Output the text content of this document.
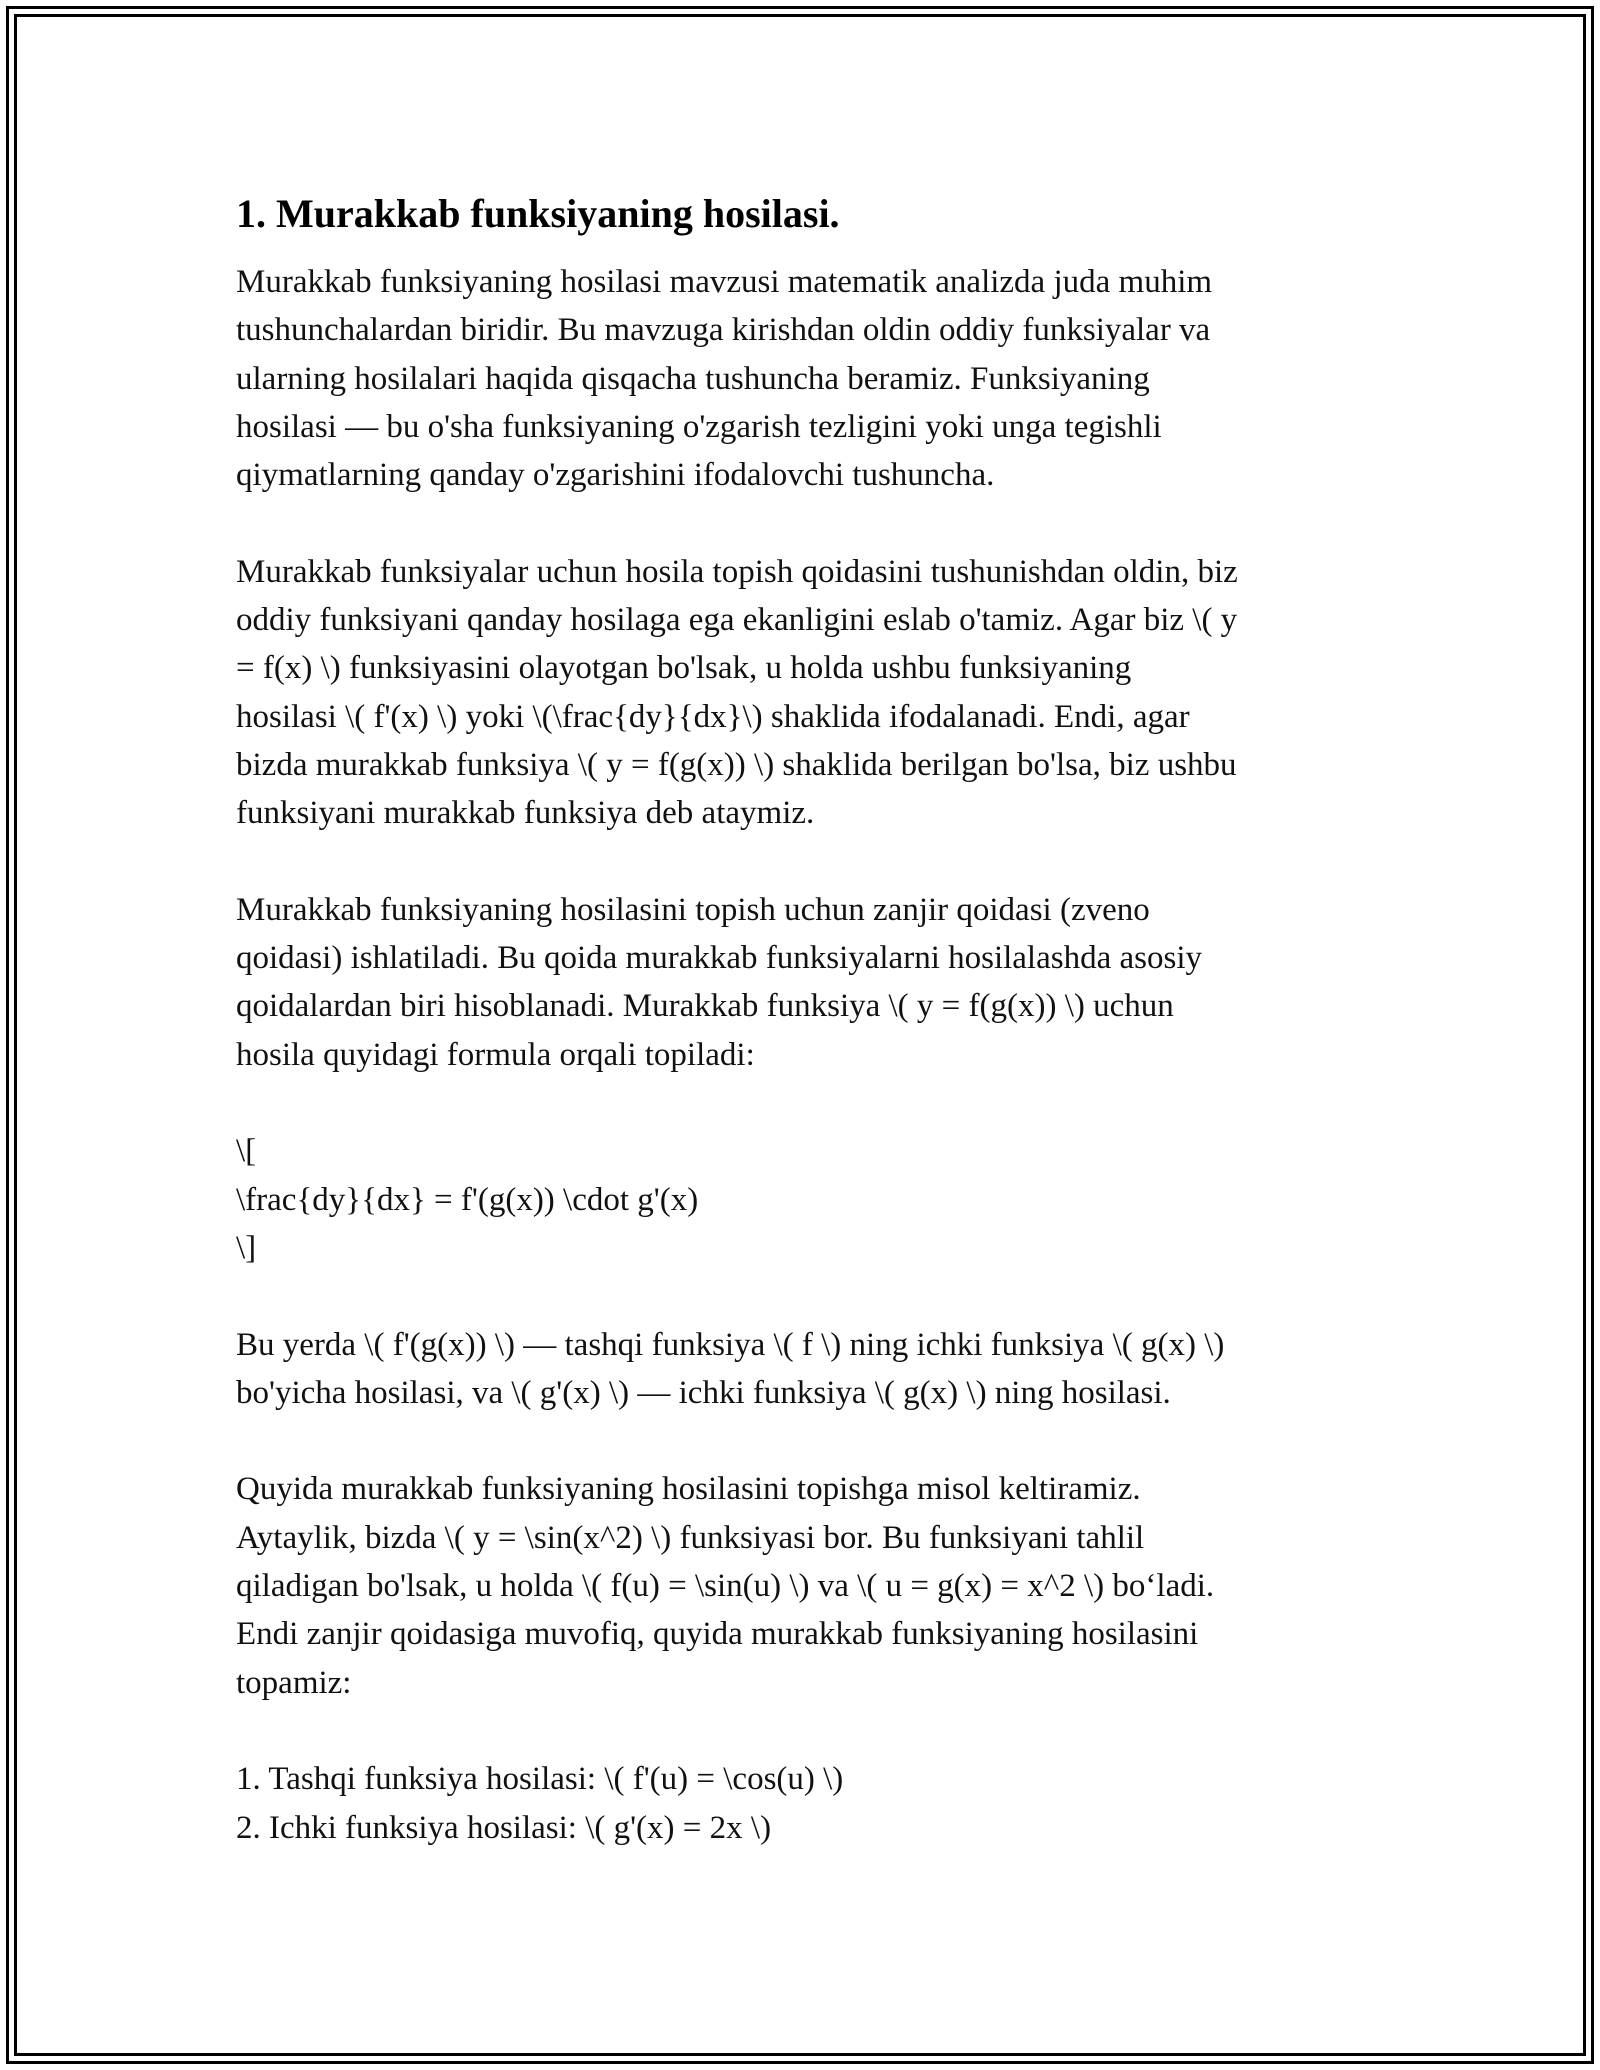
1. Murakkab funksiyaning hosilasi.
Murakkab funksiyaning hosilasi mavzusi matematik analizda juda muhim
tushunchalardan biridir. Bu mavzuga kirishdan oldin oddiy funksiyalar va
ularning hosilalari haqida qisqacha tushuncha beramiz. Funksiyaning
hosilasi — bu o'sha funksiyaning o'zgarish tezligini yoki unga tegishli
qiymatlarning qanday o'zgarishini ifodalovchi tushuncha.
Murakkab funksiyalar uchun hosila topish qoidasini tushunishdan oldin, biz
oddiy funksiyani qanday hosilaga ega ekanligini eslab o'tamiz. Agar biz \( y
= f(x) \) funksiyasini olayotgan bo'lsak, u holda ushbu funksiyaning
hosilasi \( f'(x) \) yoki \(\frac{dy}{dx}\) shaklida ifodalanadi. Endi, agar
bizda murakkab funksiya \( y = f(g(x)) \) shaklida berilgan bo'lsa, biz ushbu
funksiyani murakkab funksiya deb ataymiz.
Murakkab funksiyaning hosilasini topish uchun zanjir qoidasi (zveno
qoidasi) ishlatiladi. Bu qoida murakkab funksiyalarni hosilalashda asosiy
qoidalardan biri hisoblanadi. Murakkab funksiya \( y = f(g(x)) \) uchun
hosila quyidagi formula orqali topiladi:
\[
\frac{dy}{dx} = f'(g(x)) \cdot g'(x)
\]
Bu yerda \( f'(g(x)) \) — tashqi funksiya \( f \) ning ichki funksiya \( g(x) \)
bo'yicha hosilasi, va \( g'(x) \) — ichki funksiya \( g(x) \) ning hosilasi.
Quyida murakkab funksiyaning hosilasini topishga misol keltiramiz.
Aytaylik, bizda \( y = \sin(x^2) \) funksiyasi bor. Bu funksiyani tahlil
qiladigan bo'lsak, u holda \( f(u) = \sin(u) \) va \( u = g(x) = x^2 \) bo‘ladi.
Endi zanjir qoidasiga muvofiq, quyida murakkab funksiyaning hosilasini
topamiz:
1. Tashqi funksiya hosilasi: \( f'(u) = \cos(u) \)
2. Ichki funksiya hosilasi: \( g'(x) = 2x \)
